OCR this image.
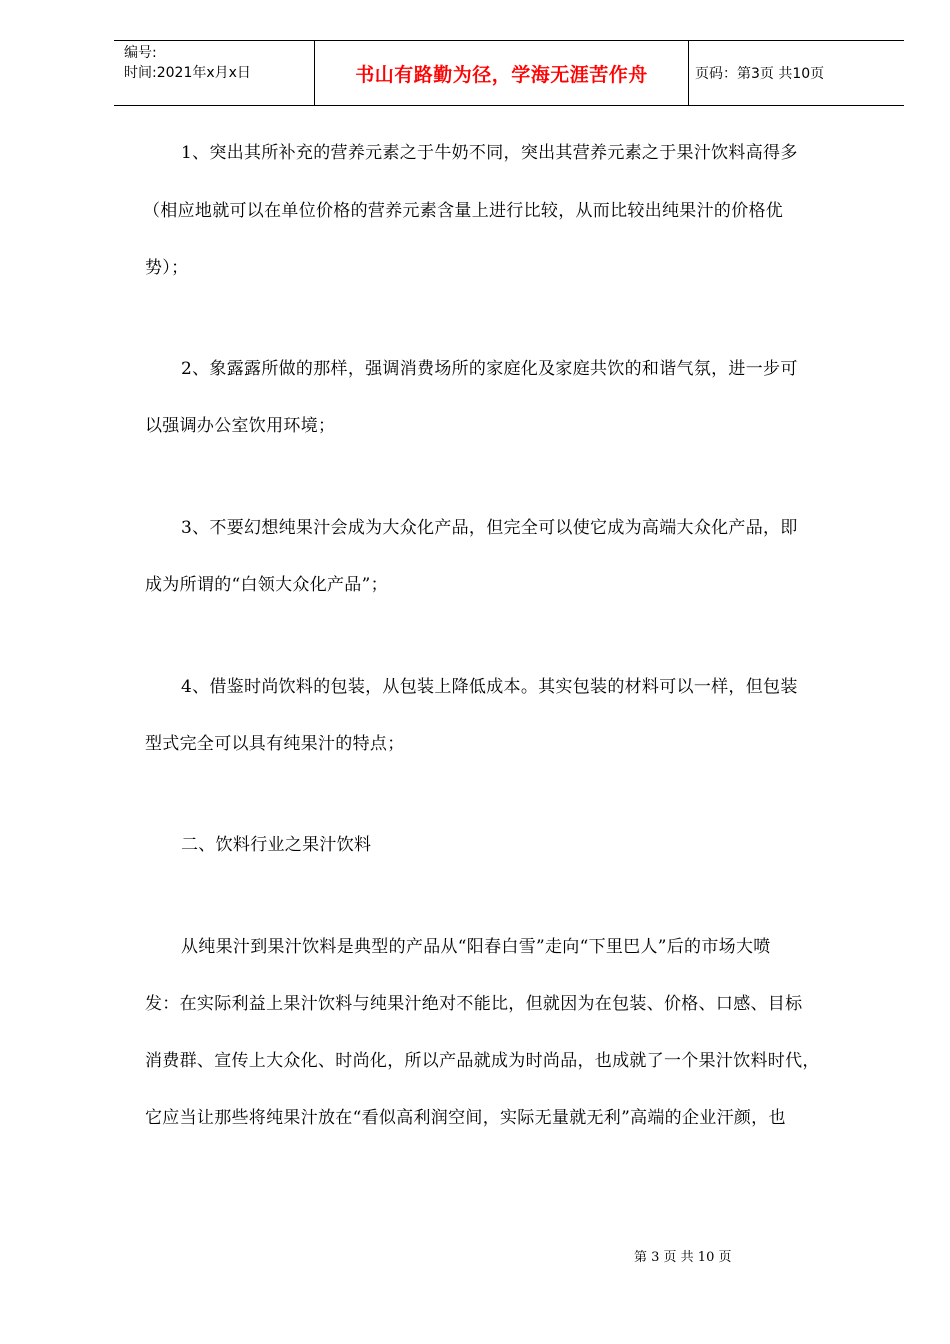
编号:
时间:2021年x月x日	书山有路勤为径，学海无涯苦作舟	页码：第3页 共10页
1、突出其所补充的营养元素之于牛奶不同，突出其营养元素之于果汁饮料高得多
（相应地就可以在单位价格的营养元素含量上进行比较，从而比较出纯果汁的价格优
势）；
2、象露露所做的那样，强调消费场所的家庭化及家庭共饮的和谐气氛，进一步可
以强调办公室饮用环境；
3、不要幻想纯果汁会成为大众化产品，但完全可以使它成为高端大众化产品，即
成为所谓的“白领大众化产品”；
4、借鉴时尚饮料的包装，从包装上降低成本。其实包装的材料可以一样，但包装
型式完全可以具有纯果汁的特点；
二、饮料行业之果汁饮料
从纯果汁到果汁饮料是典型的产品从“阳春白雪”走向“下里巴人”后的市场大喷
发：在实际利益上果汁饮料与纯果汁绝对不能比，但就因为在包装、价格、口感、目标
消费群、宣传上大众化、时尚化，所以产品就成为时尚品，也成就了一个果汁饮料时代，
它应当让那些将纯果汁放在“看似高利润空间，实际无量就无利”高端的企业汗颜，也
第 3 页 共 10 页
